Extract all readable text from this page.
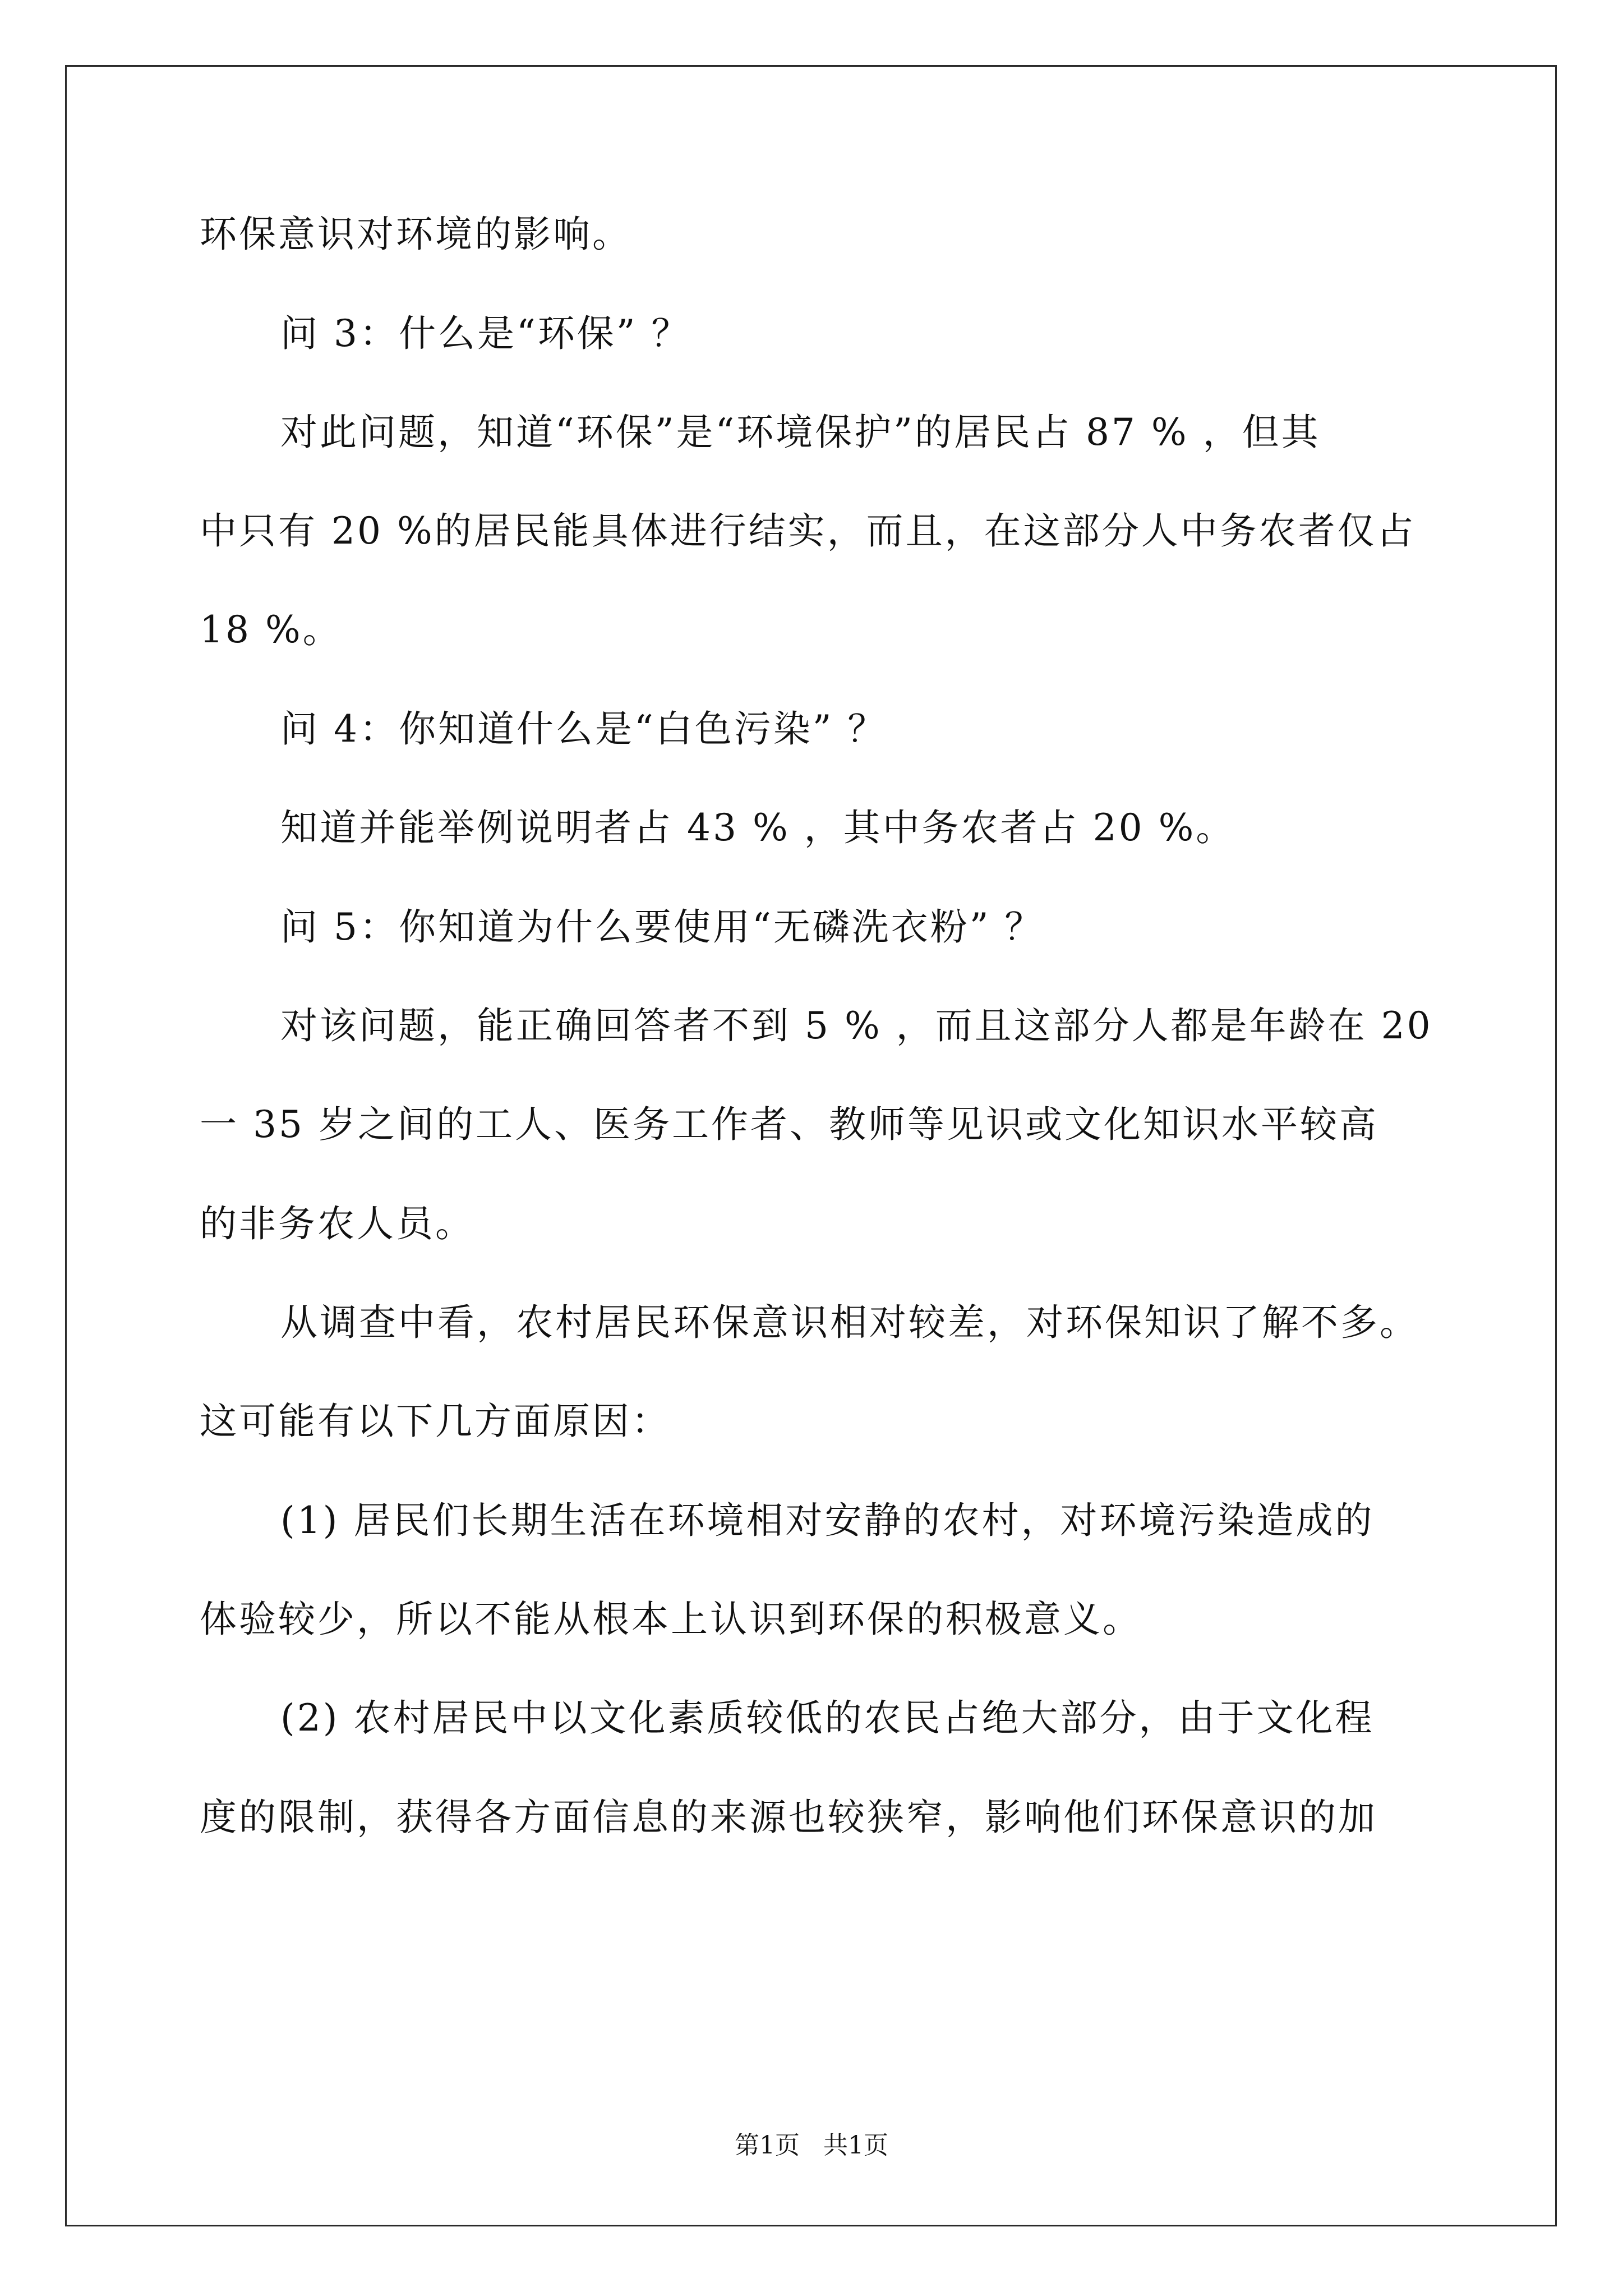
环保意识对环境的影响。
问 3：什么是“环保” ？
对此问题，知道“环保”是“环境保护”的居民占 87 % ，但其
中只有 20 %的居民能具体进行结实，而且，在这部分人中务农者仅占
18 %。
问 4：你知道什么是“白色污染” ？
知道并能举例说明者占 43 % ，其中务农者占 20 %。
问 5：你知道为什么要使用“无磷洗衣粉” ？
对该问题，能正确回答者不到 5 % ，而且这部分人都是年龄在 20
一 35 岁之间的工人、医务工作者、教师等见识或文化知识水平较高
的非务农人员。
从调查中看，农村居民环保意识相对较差，对环保知识了解不多。
这可能有以下几方面原因：
(1) 居民们长期生活在环境相对安静的农村，对环境污染造成的
体验较少，所以不能从根本上认识到环保的积极意义。
(2) 农村居民中以文化素质较低的农民占绝大部分，由于文化程
度的限制，获得各方面信息的来源也较狭窄，影响他们环保意识的加
第1页   共1页
